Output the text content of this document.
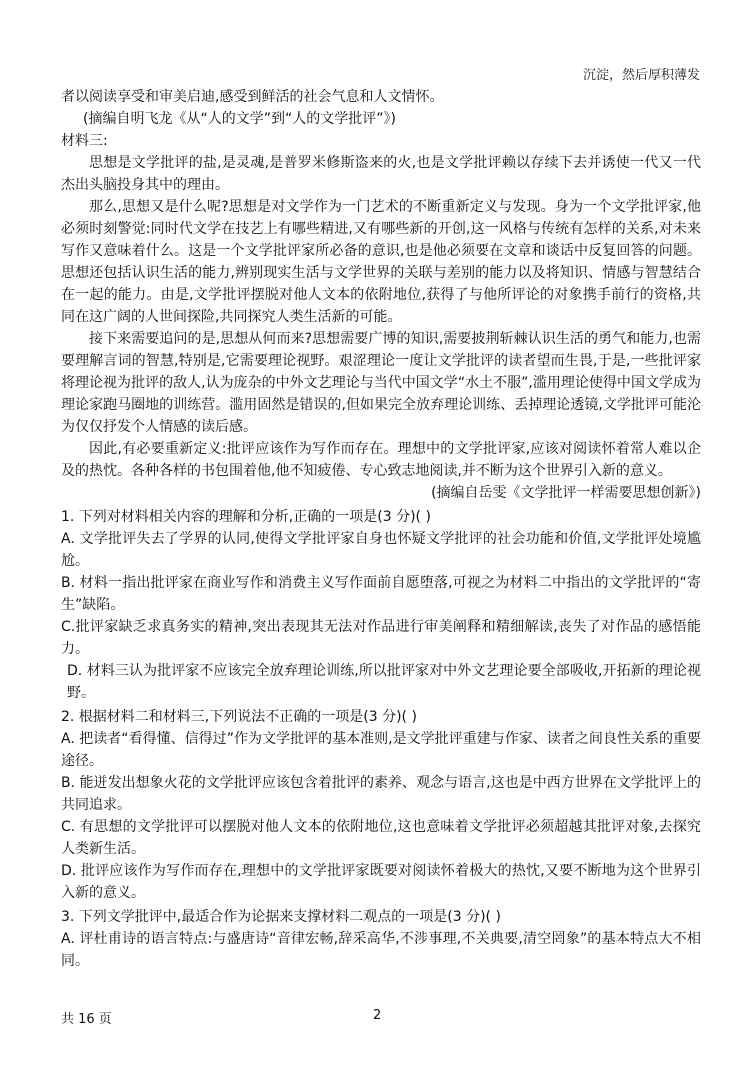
沉淀，然后厚积薄发

者以阅读享受和审美启迪,感受到鲜活的社会气息和人文情怀。

(摘编自明飞龙《从“人的文学”到“人的文学批评”》)

材料三:

思想是文学批评的盐,是灵魂,是普罗米修斯盗来的火,也是文学批评赖以存续下去并诱使一代又一代杰出头脑投身其中的理由。

那么,思想又是什么呢?思想是对文学作为一门艺术的不断重新定义与发现。身为一个文学批评家,他必须时刻警觉:同时代文学在技艺上有哪些精进,又有哪些新的开创,这一风格与传统有怎样的关系,对未来写作又意味着什么。这是一个文学批评家所必备的意识,也是他必须要在文章和谈话中反复回答的问题。思想还包括认识生活的能力,辨别现实生活与文学世界的关联与差别的能力以及将知识、情感与智慧结合在一起的能力。由是,文学批评摆脱对他人文本的依附地位,获得了与他所评论的对象携手前行的资格,共同在这广阔的人世间探险,共同探究人类生活新的可能。

接下来需要追问的是,思想从何而来?思想需要广博的知识,需要披荆斩棘认识生活的勇气和能力,也需要理解言词的智慧,特别是,它需要理论视野。艰涩理论一度让文学批评的读者望而生畏,于是,一些批评家将理论视为批评的敌人,认为庞杂的中外文艺理论与当代中国文学“水土不服”,滥用理论使得中国文学成为理论家跑马圈地的训练营。滥用固然是错误的,但如果完全放弃理论训练、丢掉理论透镜,文学批评可能沦为仅仅抒发个人情感的读后感。

因此,有必要重新定义:批评应该作为写作而存在。理想中的文学批评家,应该对阅读怀着常人难以企及的热忱。各种各样的书包围着他,他不知疲倦、专心致志地阅读,并不断为这个世界引入新的意义。

(摘编自岳雯《文学批评一样需要思想创新》)

1. 下列对材料相关内容的理解和分析,正确的一项是(3 分)( )

A. 文学批评失去了学界的认同,使得文学批评家自身也怀疑文学批评的社会功能和价值,文学批评处境尴尬。

B. 材料一指出批评家在商业写作和消费主义写作面前自愿堕落,可视之为材料二中指出的文学批评的“寄生”缺陷。

C.批评家缺乏求真务实的精神,突出表现其无法对作品进行审美阐释和精细解读,丧失了对作品的感悟能力。

D. 材料三认为批评家不应该完全放弃理论训练,所以批评家对中外文艺理论要全部吸收,开拓新的理论视野。

2. 根据材料二和材料三,下列说法不正确的一项是(3 分)( )

A. 把读者“看得懂、信得过”作为文学批评的基本准则,是文学批评重建与作家、读者之间良性关系的重要途径。

B. 能迸发出想象火花的文学批评应该包含着批评的素养、观念与语言,这也是中西方世界在文学批评上的共同追求。

C. 有思想的文学批评可以摆脱对他人文本的依附地位,这也意味着文学批评必须超越其批评对象,去探究人类新生活。

D. 批评应该作为写作而存在,理想中的文学批评家既要对阅读怀着极大的热忱,又要不断地为这个世界引入新的意义。

3. 下列文学批评中,最适合作为论据来支撑材料二观点的一项是(3 分)( )

A. 评杜甫诗的语言特点:与盛唐诗“音律宏畅,辞采高华,不涉事理,不关典要,清空罔象”的基本特点大不相同。

共 16 页	2
